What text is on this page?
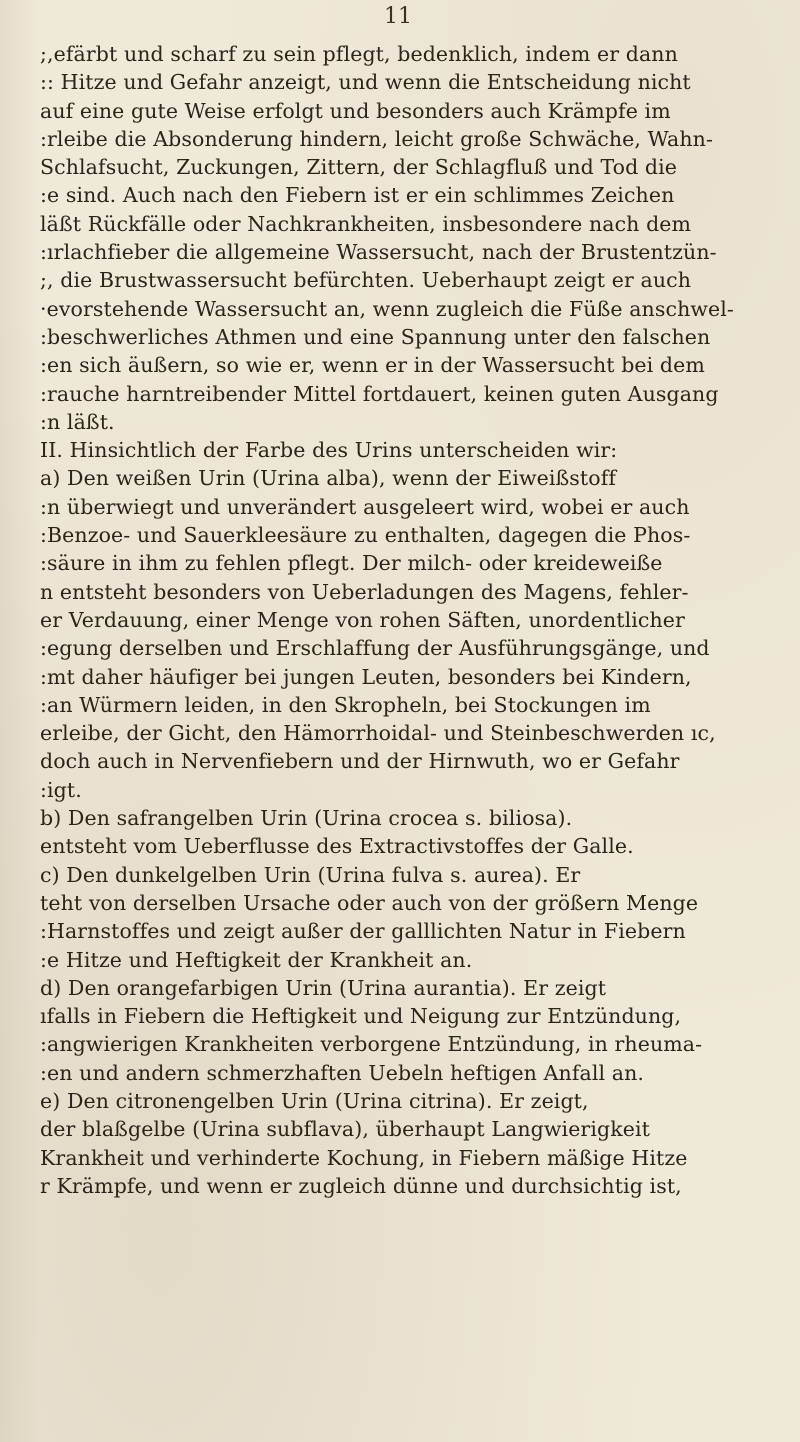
11
;,efärbt und scharf zu sein pflegt, bedenklich, indem er dann
:: Hitze und Gefahr anzeigt, und wenn die Entscheidung nicht
auf eine gute Weise erfolgt und besonders auch Krämpfe im
:rleibe die Absonderung hindern, leicht große Schwäche, Wahn-
Schlafsucht, Zuckungen, Zittern, der Schlagfluß und Tod die
:e sind. Auch nach den Fiebern ist er ein schlimmes Zeichen
läßt Rückfälle oder Nachkrankheiten, insbesondere nach dem
:ırlachfieber die allgemeine Wassersucht, nach der Brustentzün-
;, die Brustwassersucht befürchten. Ueberhaupt zeigt er auch
·evorstehende Wassersucht an, wenn zugleich die Füße anschwel-
:beschwerliches Athmen und eine Spannung unter den falschen
:en sich äußern, so wie er, wenn er in der Wassersucht bei dem
:rauche harntreibender Mittel fortdauert, keinen guten Ausgang
:n läßt.
II. Hinsichtlich der Farbe des Urins unterscheiden wir:
a) Den weißen Urin (Urina alba), wenn der Eiweißstoff
:n überwiegt und unverändert ausgeleert wird, wobei er auch
:Benzoe- und Sauerkleesäure zu enthalten, dagegen die Phos-
:säure in ihm zu fehlen pflegt. Der milch- oder kreideweiße
n entsteht besonders von Ueberladungen des Magens, fehler-
er Verdauung, einer Menge von rohen Säften, unordentlicher
:egung derselben und Erschlaffung der Ausführungsgänge, und
:mt daher häufiger bei jungen Leuten, besonders bei Kindern,
:an Würmern leiden, in den Skropheln, bei Stockungen im
erleibe, der Gicht, den Hämorrhoidal- und Steinbeschwerden ıc,
doch auch in Nervenfiebern und der Hirnwuth, wo er Gefahr
:igt.
b) Den safrangelben Urin (Urina crocea s. biliosa).
entsteht vom Ueberflusse des Extractivstoffes der Galle.
c) Den dunkelgelben Urin (Urina fulva s. aurea). Er
teht von derselben Ursache oder auch von der größern Menge
:Harnstoffes und zeigt außer der galllichten Natur in Fiebern
:e Hitze und Heftigkeit der Krankheit an.
d) Den orangefarbigen Urin (Urina aurantia). Er zeigt
ıfalls in Fiebern die Heftigkeit und Neigung zur Entzündung,
:angwierigen Krankheiten verborgene Entzündung, in rheuma-
:en und andern schmerzhaften Uebeln heftigen Anfall an.
e) Den citronengelben Urin (Urina citrina). Er zeigt,
der blaßgelbe (Urina subflava), überhaupt Langwierigkeit
Krankheit und verhinderte Kochung, in Fiebern mäßige Hitze
r Krämpfe, und wenn er zugleich dünne und durchsichtig ist,
